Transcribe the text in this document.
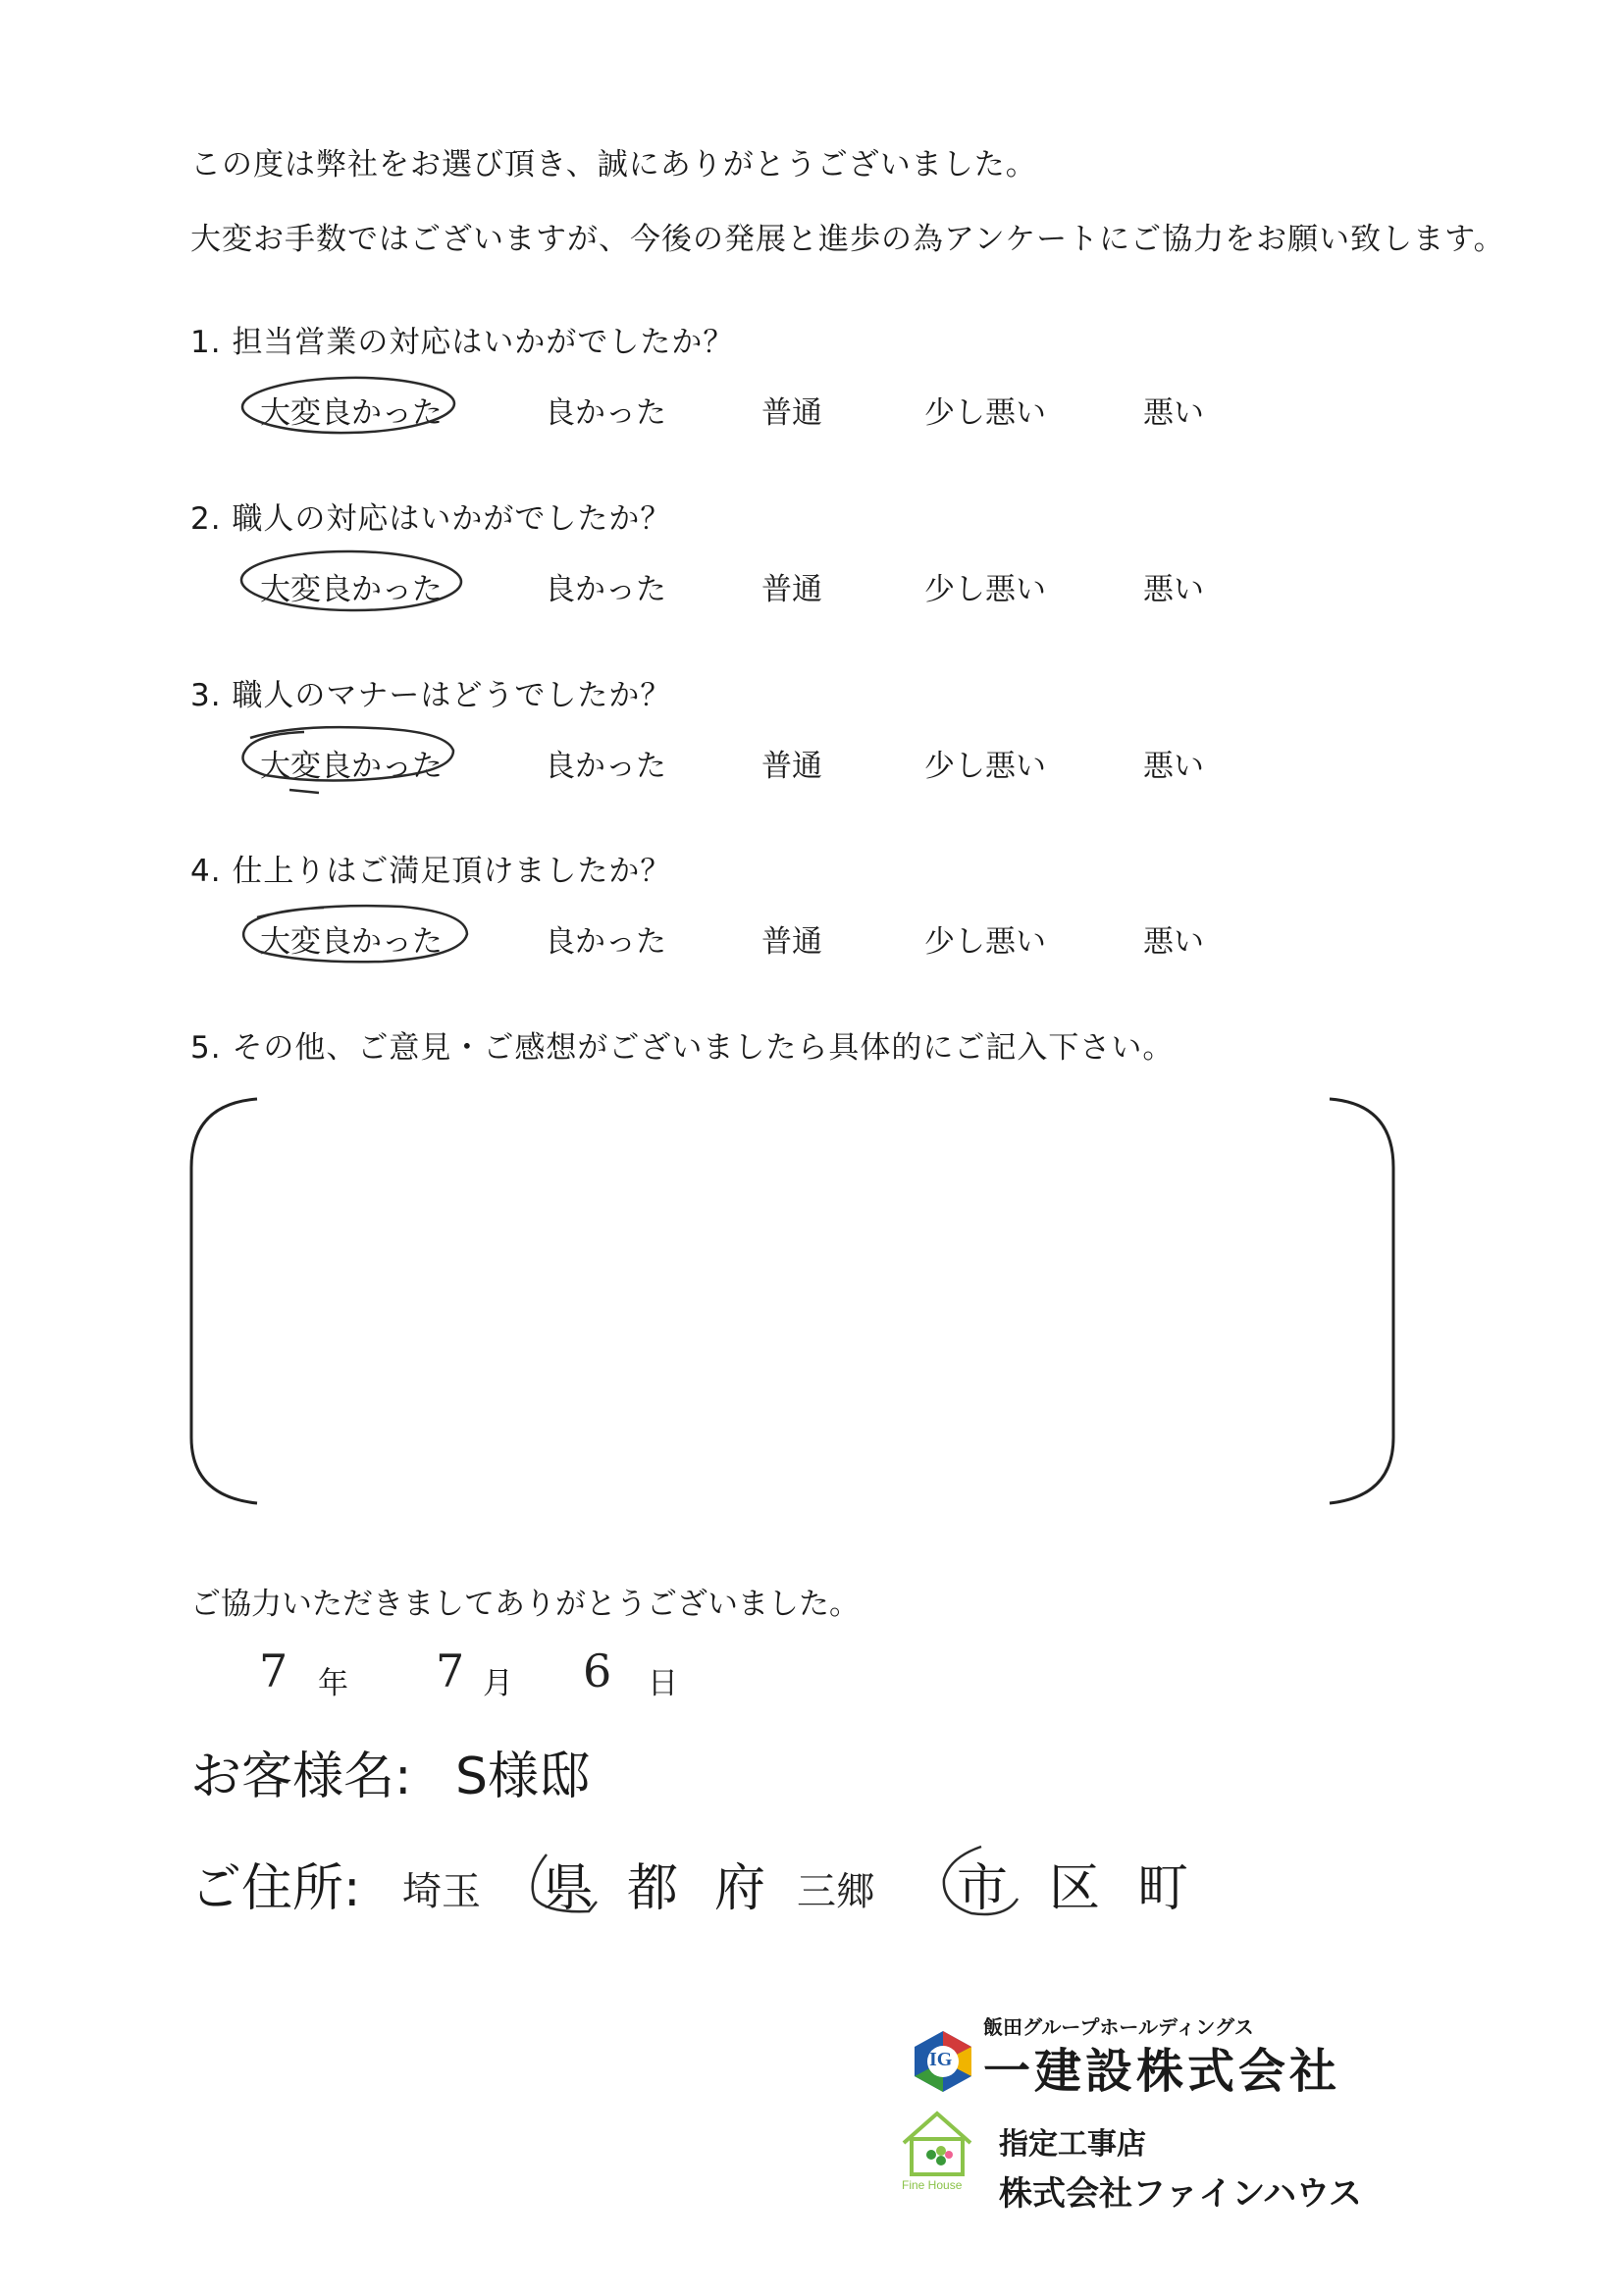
この度は弊社をお選び頂き、誠にありがとうございました。
大変お手数ではございますが、今後の発展と進歩の為アンケートにご協力をお願い致します。
1. 担当営業の対応はいかがでしたか？
大変良かった	良かった	普通	少し悪い	悪い
2. 職人の対応はいかがでしたか？
大変良かった	良かった	普通	少し悪い	悪い
3. 職人のマナーはどうでしたか？
大変良かった	良かった	普通	少し悪い	悪い
4. 仕上りはご満足頂けましたか？
大変良かった	良かった	普通	少し悪い	悪い
5. その他、ご意見・ご感想がございましたら具体的にご記入下さい。
ご協力いただきましてありがとうございました。
7 年 7 月 6 日
お客様名: S様邸
ご住所: 埼玉 県 都 府 三郷 市 区 町
飯田グループホールディングス
IG 一建設株式会社
Fine House
指定工事店
株式会社ファインハウス
